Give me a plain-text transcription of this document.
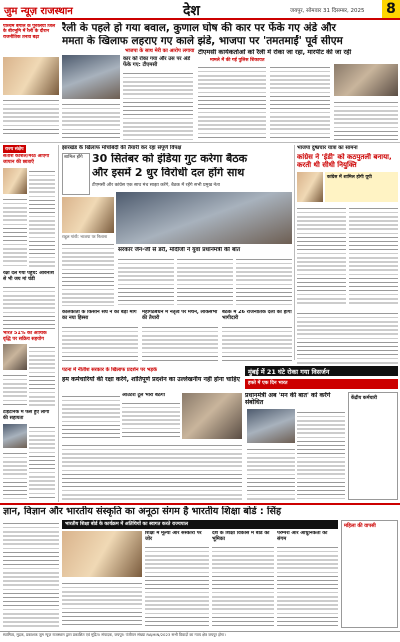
जुम न्यूज़ राजस्थान	देश	जयपुर, सोमवार 31 दिसम्बर, 2025 8
पश्चिम बंगाल के पुरुलिया जिले के बीरभूमि में रैली के दौरान राजनीतिक तनाव बढ़ा
रैली के पहले हो गया बवाल, कुणाल घोष की कार पर फेंके गए अंडे और
ममता के खिलाफ लहराए गए काले झंडे, भाजपा पर 'तमतमाईं' पूर्व सीएम
भाजपा के साथ मेरी का आरोप लगाया
कार को रोका गया और उस पर अंडे फेंके गए: टीएमसी
टीएमसी कार्यकर्ताओं को रैली में रोका जा रहा, मारपीट की जा रही
मामले में की गई पुलिस शिकायत
राज्य संक्षेप
सतीश कौशल/मेरठ आएगा जापान की छात्राएँ
रक्षा दल गया पहुंच: अविनाश से भी जय मां चंडी
भारत 51% की आर्थिक वृद्धि पर सक्रिय सहयोग
टाइटैनिक में फंसे हुए लोगों की सहायता
झारखंड के खिलाफ मोर्चाबंदी की तैयारी कर रहा संपूर्ण विपक्ष
शामिल होंगे 30 सितंबर को इंडिया गुट करेगा बैठक
और इसमें 2 धुर विरोधी दल होंगे साथ
टीएमसी और कांग्रेस एक साथ मंच साझा करेंगे, बैठक में रहेंगे सभी प्रमुख नेता
राहुल गांधी: भाजपा पर निशाना
सरकार जैन-जी से डरी, मोदीजी ने युवा प्रधानमंत्री की बात
भाजपा दुष्प्रचार यात्रा का सामना
कांग्रेस ने 'ईडी' को कठपुतली बनाया, करती थी सीधी नियुक्ति
कांग्रेस में शामिल होगी यूपी
कोलकाता के किसान संघ ने की बड़ी मांग का नया हिस्सा
महागठबंधन में नेतृत्व पर मंथन, लोकसभा की तैयारी
बैठक में 26 राजनीतिक दलों की होगी भागीदारी
पटना में नीतीश सरकार के खिलाफ प्रदर्शन पर भड़के	मुंबई में 21 घंटे रोका गया विसर्जन
हम कर्मचारियों की रक्षा करेंगे, शांतिपूर्ण प्रदर्शन का उल्लेखनीय नहीं होना चाहिए
आउटरी टूल भारी बैठेगी
हफ्ते में एक दिन भारत
प्रधानमंत्री अब 'मन की बात' को करेंगे संबोधित
केंद्रीय कर्मचारी
ज्ञान, विज्ञान और भारतीय संस्कृति का अनूठा संगम है भारतीय शिक्षा बोर्ड : सिंह
भारतीय शिक्षा बोर्ड के कार्यक्रम में अतिथियों का स्वागत करते राज्यपाल
शिक्षा में मूल्यों और संस्कारों पर जोर
देश के शिक्षा विकास में बोर्ड की भूमिका
परम्परा और आधुनिकता का संगम
महिला की वापसी
स्वामित्व, मुद्रक, प्रकाशक जुम न्यूज़ राजस्थान द्वारा प्रकाशित एवं मुद्रित। संपादक, जयपुर। पंजीयन संख्या RAJHIN/2023 सभी विवादों का न्याय क्षेत्र जयपुर होगा।
